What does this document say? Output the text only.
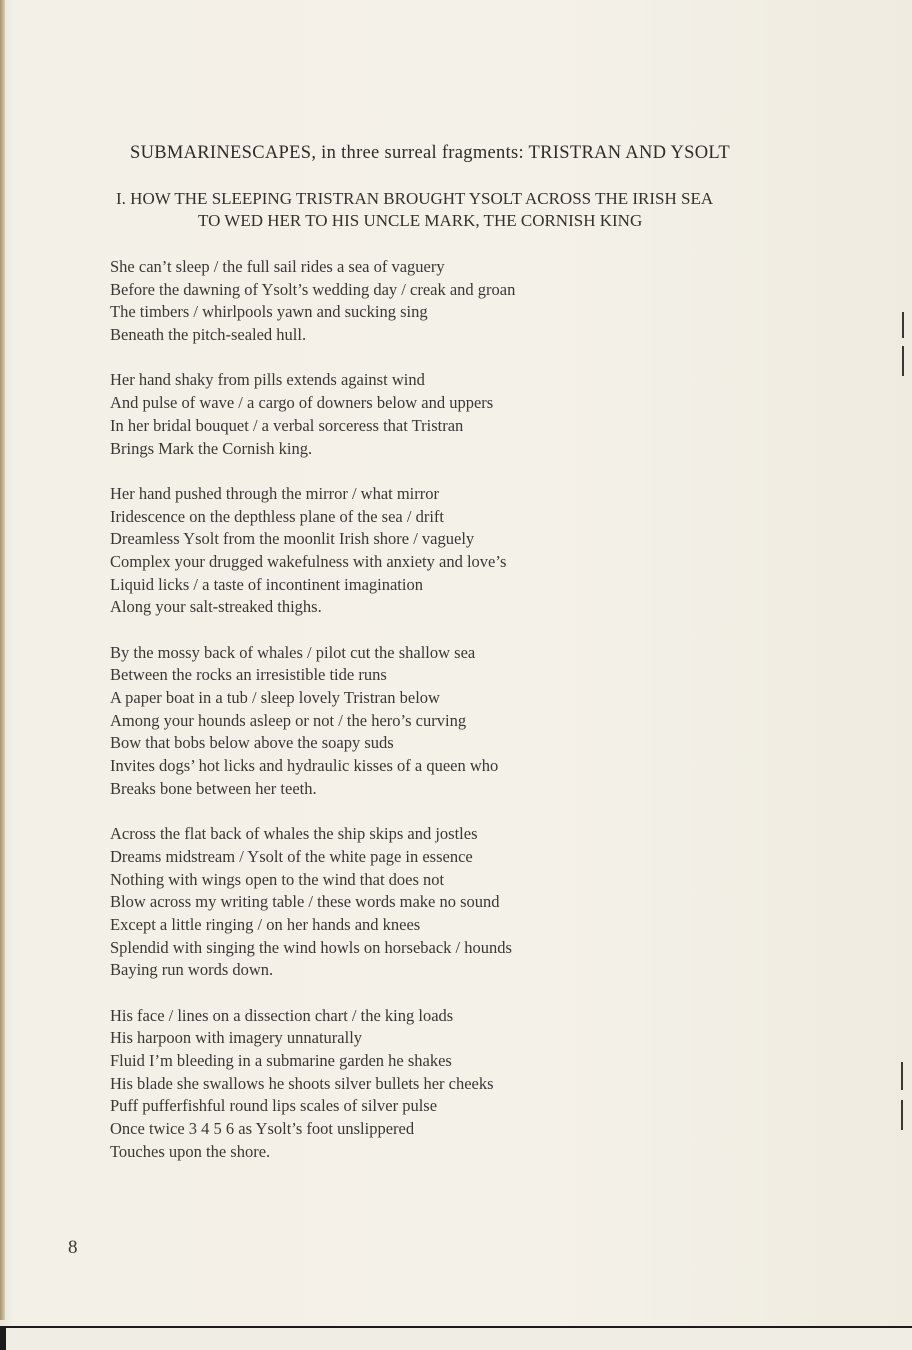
SUBMARINESCAPES, in three surreal fragments: TRISTRAN AND YSOLT
I. HOW THE SLEEPING TRISTRAN BROUGHT YSOLT ACROSS THE IRISH SEA
TO WED HER TO HIS UNCLE MARK, THE CORNISH KING
She can’t sleep / the full sail rides a sea of vaguery
Before the dawning of Ysolt’s wedding day / creak and groan
The timbers / whirlpools yawn and sucking sing
Beneath the pitch-sealed hull.
Her hand shaky from pills extends against wind
And pulse of wave / a cargo of downers below and uppers
In her bridal bouquet / a verbal sorceress that Tristran
Brings Mark the Cornish king.
Her hand pushed through the mirror / what mirror
Iridescence on the depthless plane of the sea / drift
Dreamless Ysolt from the moonlit Irish shore / vaguely
Complex your drugged wakefulness with anxiety and love’s
Liquid licks / a taste of incontinent imagination
Along your salt-streaked thighs.
By the mossy back of whales / pilot cut the shallow sea
Between the rocks an irresistible tide runs
A paper boat in a tub / sleep lovely Tristran below
Among your hounds asleep or not / the hero’s curving
Bow that bobs below above the soapy suds
Invites dogs’ hot licks and hydraulic kisses of a queen who
Breaks bone between her teeth.
Across the flat back of whales the ship skips and jostles
Dreams midstream / Ysolt of the white page in essence
Nothing with wings open to the wind that does not
Blow across my writing table / these words make no sound
Except a little ringing / on her hands and knees
Splendid with singing the wind howls on horseback / hounds
Baying run words down.
His face / lines on a dissection chart / the king loads
His harpoon with imagery unnaturally
Fluid I’m bleeding in a submarine garden he shakes
His blade she swallows he shoots silver bullets her cheeks
Puff pufferfishful round lips scales of silver pulse
Once twice 3 4 5 6 as Ysolt’s foot unslippered
Touches upon the shore.
8
